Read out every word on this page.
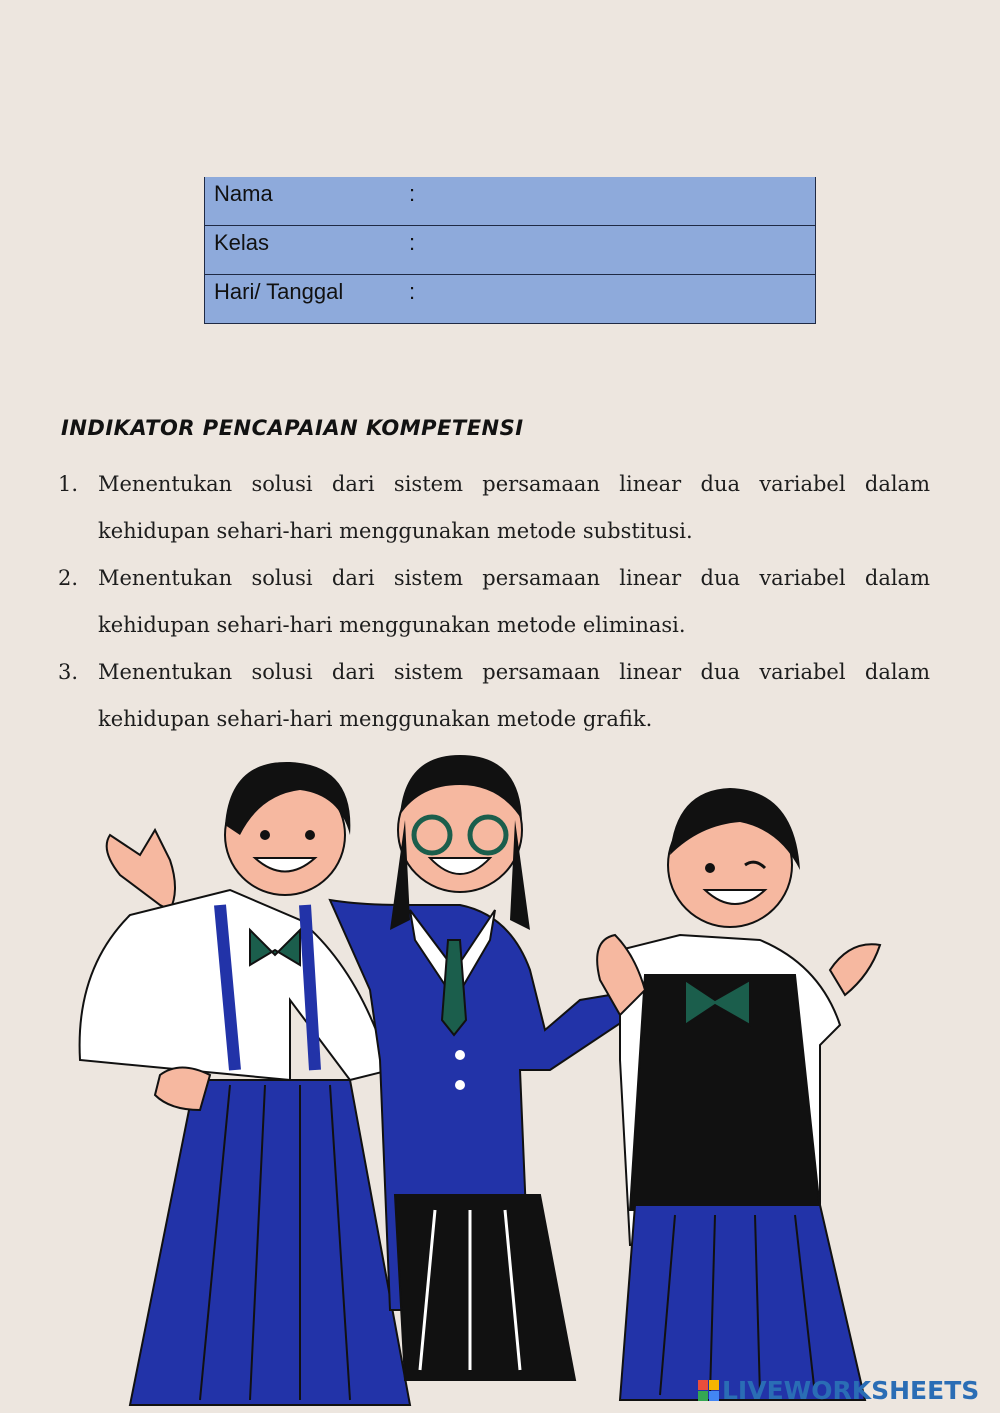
Nama	:
Kelas	:
Hari/ Tanggal	:
INDIKATOR PENCAPAIAN KOMPETENSI
1. Menentukan solusi dari sistem persamaan linear dua variabel dalam
kehidupan sehari-hari menggunakan metode substitusi.
2. Menentukan solusi dari sistem persamaan linear dua variabel dalam
kehidupan sehari-hari menggunakan metode eliminasi.
3. Menentukan solusi dari sistem persamaan linear dua variabel dalam
kehidupan sehari-hari menggunakan metode grafik.
LIVEWORKSHEETS
